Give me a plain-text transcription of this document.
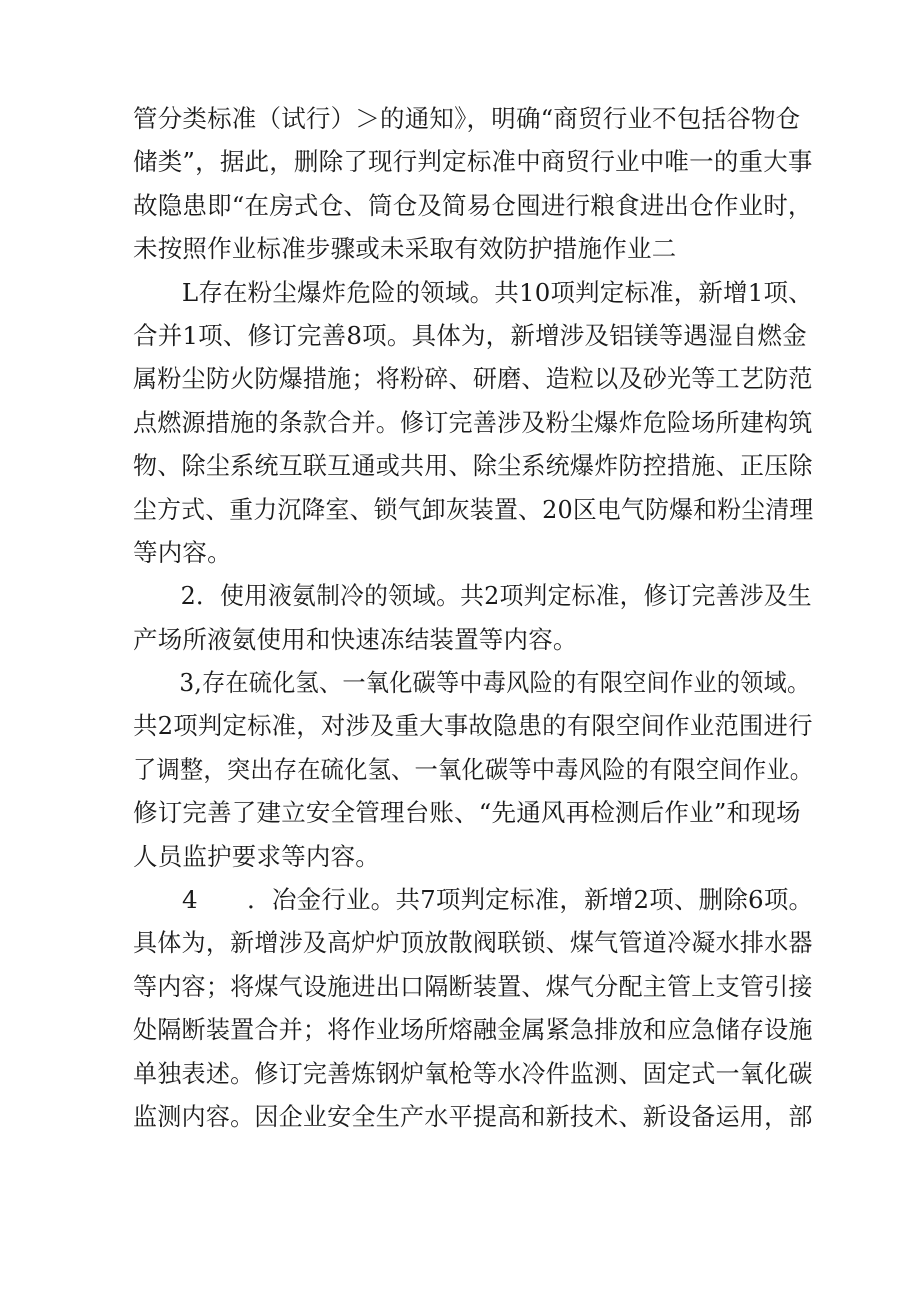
管分类标准（试行）＞的通知》，明确“商贸行业不包括谷物仓
储类”，据此，删除了现行判定标准中商贸行业中唯一的重大事
故隐患即“在房式仓、筒仓及简易仓囤进行粮食进出仓作业时，
未按照作业标准步骤或未采取有效防护措施作业二
L存在粉尘爆炸危险的领域。共10项判定标准，新增1项、
合并1项、修订完善8项。具体为，新增涉及铝镁等遇湿自燃金
属粉尘防火防爆措施；将粉碎、研磨、造粒以及砂光等工艺防范
点燃源措施的条款合并。修订完善涉及粉尘爆炸危险场所建构筑
物、除尘系统互联互通或共用、除尘系统爆炸防控措施、正压除
尘方式、重力沉降室、锁气卸灰装置、20区电气防爆和粉尘清理
等内容。
2．使用液氨制冷的领域。共2项判定标准，修订完善涉及生
产场所液氨使用和快速冻结装置等内容。
3,存在硫化氢、一氧化碳等中毒风险的有限空间作业的领域。
共2项判定标准，对涉及重大事故隐患的有限空间作业范围进行
了调整，突出存在硫化氢、一氧化碳等中毒风险的有限空间作业。
修订完善了建立安全管理台账、“先通风再检测后作业”和现场
人员监护要求等内容。
4　　．冶金行业。共7项判定标准，新增2项、删除6项。
具体为，新增涉及高炉炉顶放散阀联锁、煤气管道冷凝水排水器
等内容；将煤气设施进出口隔断装置、煤气分配主管上支管引接
处隔断装置合并；将作业场所熔融金属紧急排放和应急储存设施
单独表述。修订完善炼钢炉氧枪等水冷件监测、固定式一氧化碳
监测内容。因企业安全生产水平提高和新技术、新设备运用，部
